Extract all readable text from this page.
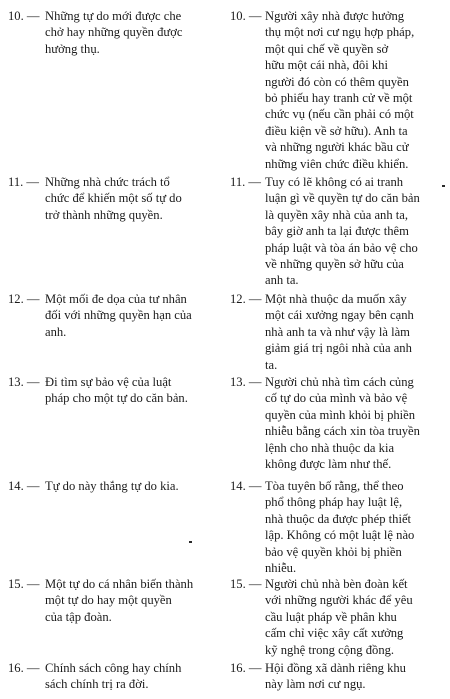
10. — Những tự do mới được che
chở hay những quyền được
hưởng thụ.
11. — Những nhà chức trách tổ
chức để khiến một số tự do
trở thành những quyền.
12. — Một mối đe dọa của tư nhân
đối với những quyền hạn của
anh.
13. — Đi tìm sự bảo vệ của luật
pháp cho một tự do căn bản.
14. — Tự do này thắng tự do kia.
15. — Một tự do cá nhân biến thành
một tự do hay một quyền
của tập đoàn.
16. — Chính sách công hay chính
sách chính trị ra đời.
10. — Người xây nhà được hưởng
thụ một nơi cư ngụ hợp pháp,
một qui chế về quyền sở
hữu một cái nhà, đôi khi
người đó còn có thêm quyền
bỏ phiếu hay tranh cử về một
chức vụ (nếu cần phải có một
điều kiện về sở hữu). Anh ta
và những người khác bầu cử
những viên chức điều khiển.
11. — Tuy có lẽ không có ai tranh
luận gì về quyền tự do căn bản
là quyền xây nhà của anh ta,
bây giờ anh ta lại được thêm
pháp luật và tòa án bảo vệ cho
về những quyền sở hữu của
anh ta.
12. — Một nhà thuộc da muốn xây
một cái xưởng ngay bên cạnh
nhà anh ta và như vậy là làm
giảm giá trị ngôi nhà của anh
ta.
13. — Người chủ nhà tìm cách củng
cố tự do của mình và bảo vệ
quyền của mình khỏi bị phiền
nhiễu bằng cách xin tòa truyền
lệnh cho nhà thuộc da kia
không được làm như thế.
14. — Tòa tuyên bố rằng, thể theo
phổ thông pháp hay luật lệ,
nhà thuộc da được phép thiết
lập. Không có một luật lệ nào
bảo vệ quyền khỏi bị phiền
nhiễu.
15. — Người chủ nhà bèn đoàn kết
với những người khác để yêu
cầu luật pháp về phân khu
cấm chỉ việc xây cất xưởng
kỹ nghệ trong cộng đồng.
16. — Hội đồng xã dành riêng khu
này làm nơi cư ngụ.
